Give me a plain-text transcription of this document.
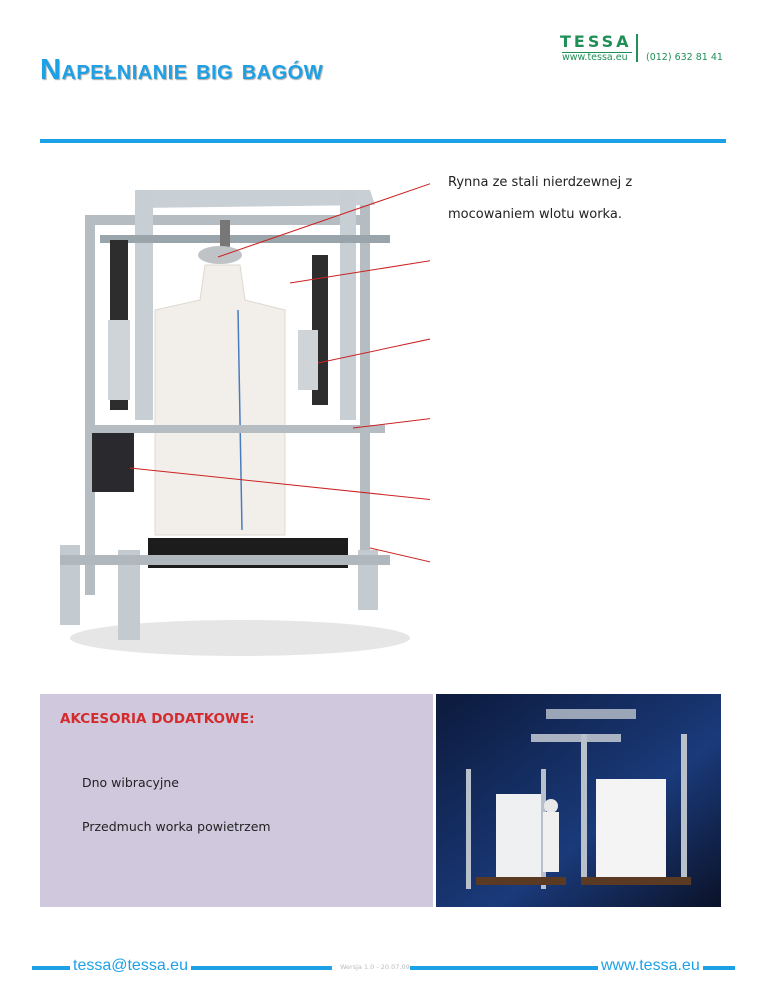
Napełnianie big bagów
TESSA
www.tessa.eu (012) 632 81 41
Rynna ze stali nierdzewnej z
mocowaniem wlotu worka.
AKCESORIA DODATKOWE:
Dno wibracyjne
Przedmuch worka powietrzem
tessa@tessa.eu	Wersja 1.0 - 20.07.09	www.tessa.eu
